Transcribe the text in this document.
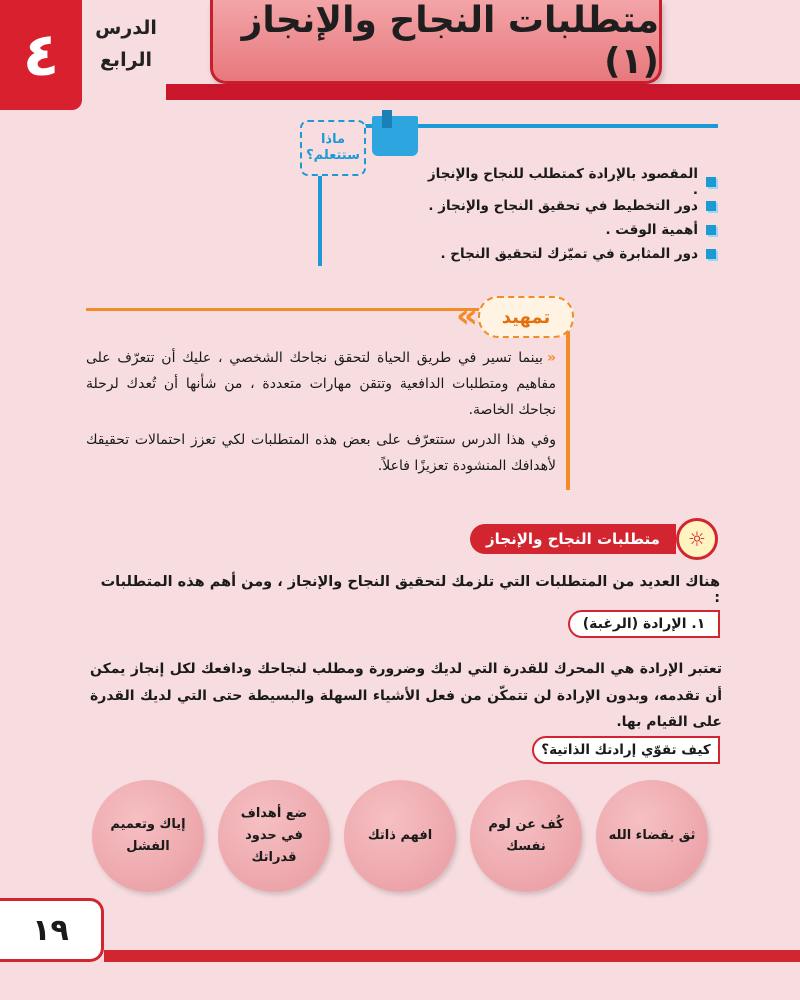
٤	الدرس
الرابع
متطلبات النجاح والإنجاز (١)
ماذا
ستتعلم؟
المقصود بالإرادة كمتطلب للنجاح والإنجاز .
دور التخطيط في تحقيق النجاح والإنجاز .
أهمية الوقت .
دور المثابرة في تميّزك لتحقيق النجاح .
«	تمهيد

«بينما تسير في طريق الحياة لتحقق نجاحك الشخصي ، عليك أن تتعرّف على مفاهيم ومتطلبات الدافعية وتتقن مهارات متعددة ، من شأنها أن تُعدك لرحلة نجاحك الخاصة.

وفي هذا الدرس ستتعرّف على بعض هذه المتطلبات لكي تعزز احتمالات تحقيقك لأهدافك المنشودة تعزيزًا فاعلاً.

☼
متطلبات النجاح والإنجاز
هناك العديد من المتطلبات التي تلزمك لتحقيق النجاح والإنجاز ، ومن أهم هذه المتطلبات :
١. الإرادة (الرغبة)
تعتبر الإرادة هي المحرك للقدرة التي لديك وضرورة ومطلب لنجاحك ودافعك لكل إنجاز يمكن أن تقدمه، وبدون الإرادة لن تتمكّن من فعل الأشياء السهلة والبسيطة حتى التي لديك القدرة على القيام بها.
كيف تقوّي إرادتك الذاتية؟
ثق بقضاء الله
كُف عن لوم نفسك
افهم ذاتك
ضع أهداف في حدود قدراتك
إياك وتعميم الفشل
١٩
